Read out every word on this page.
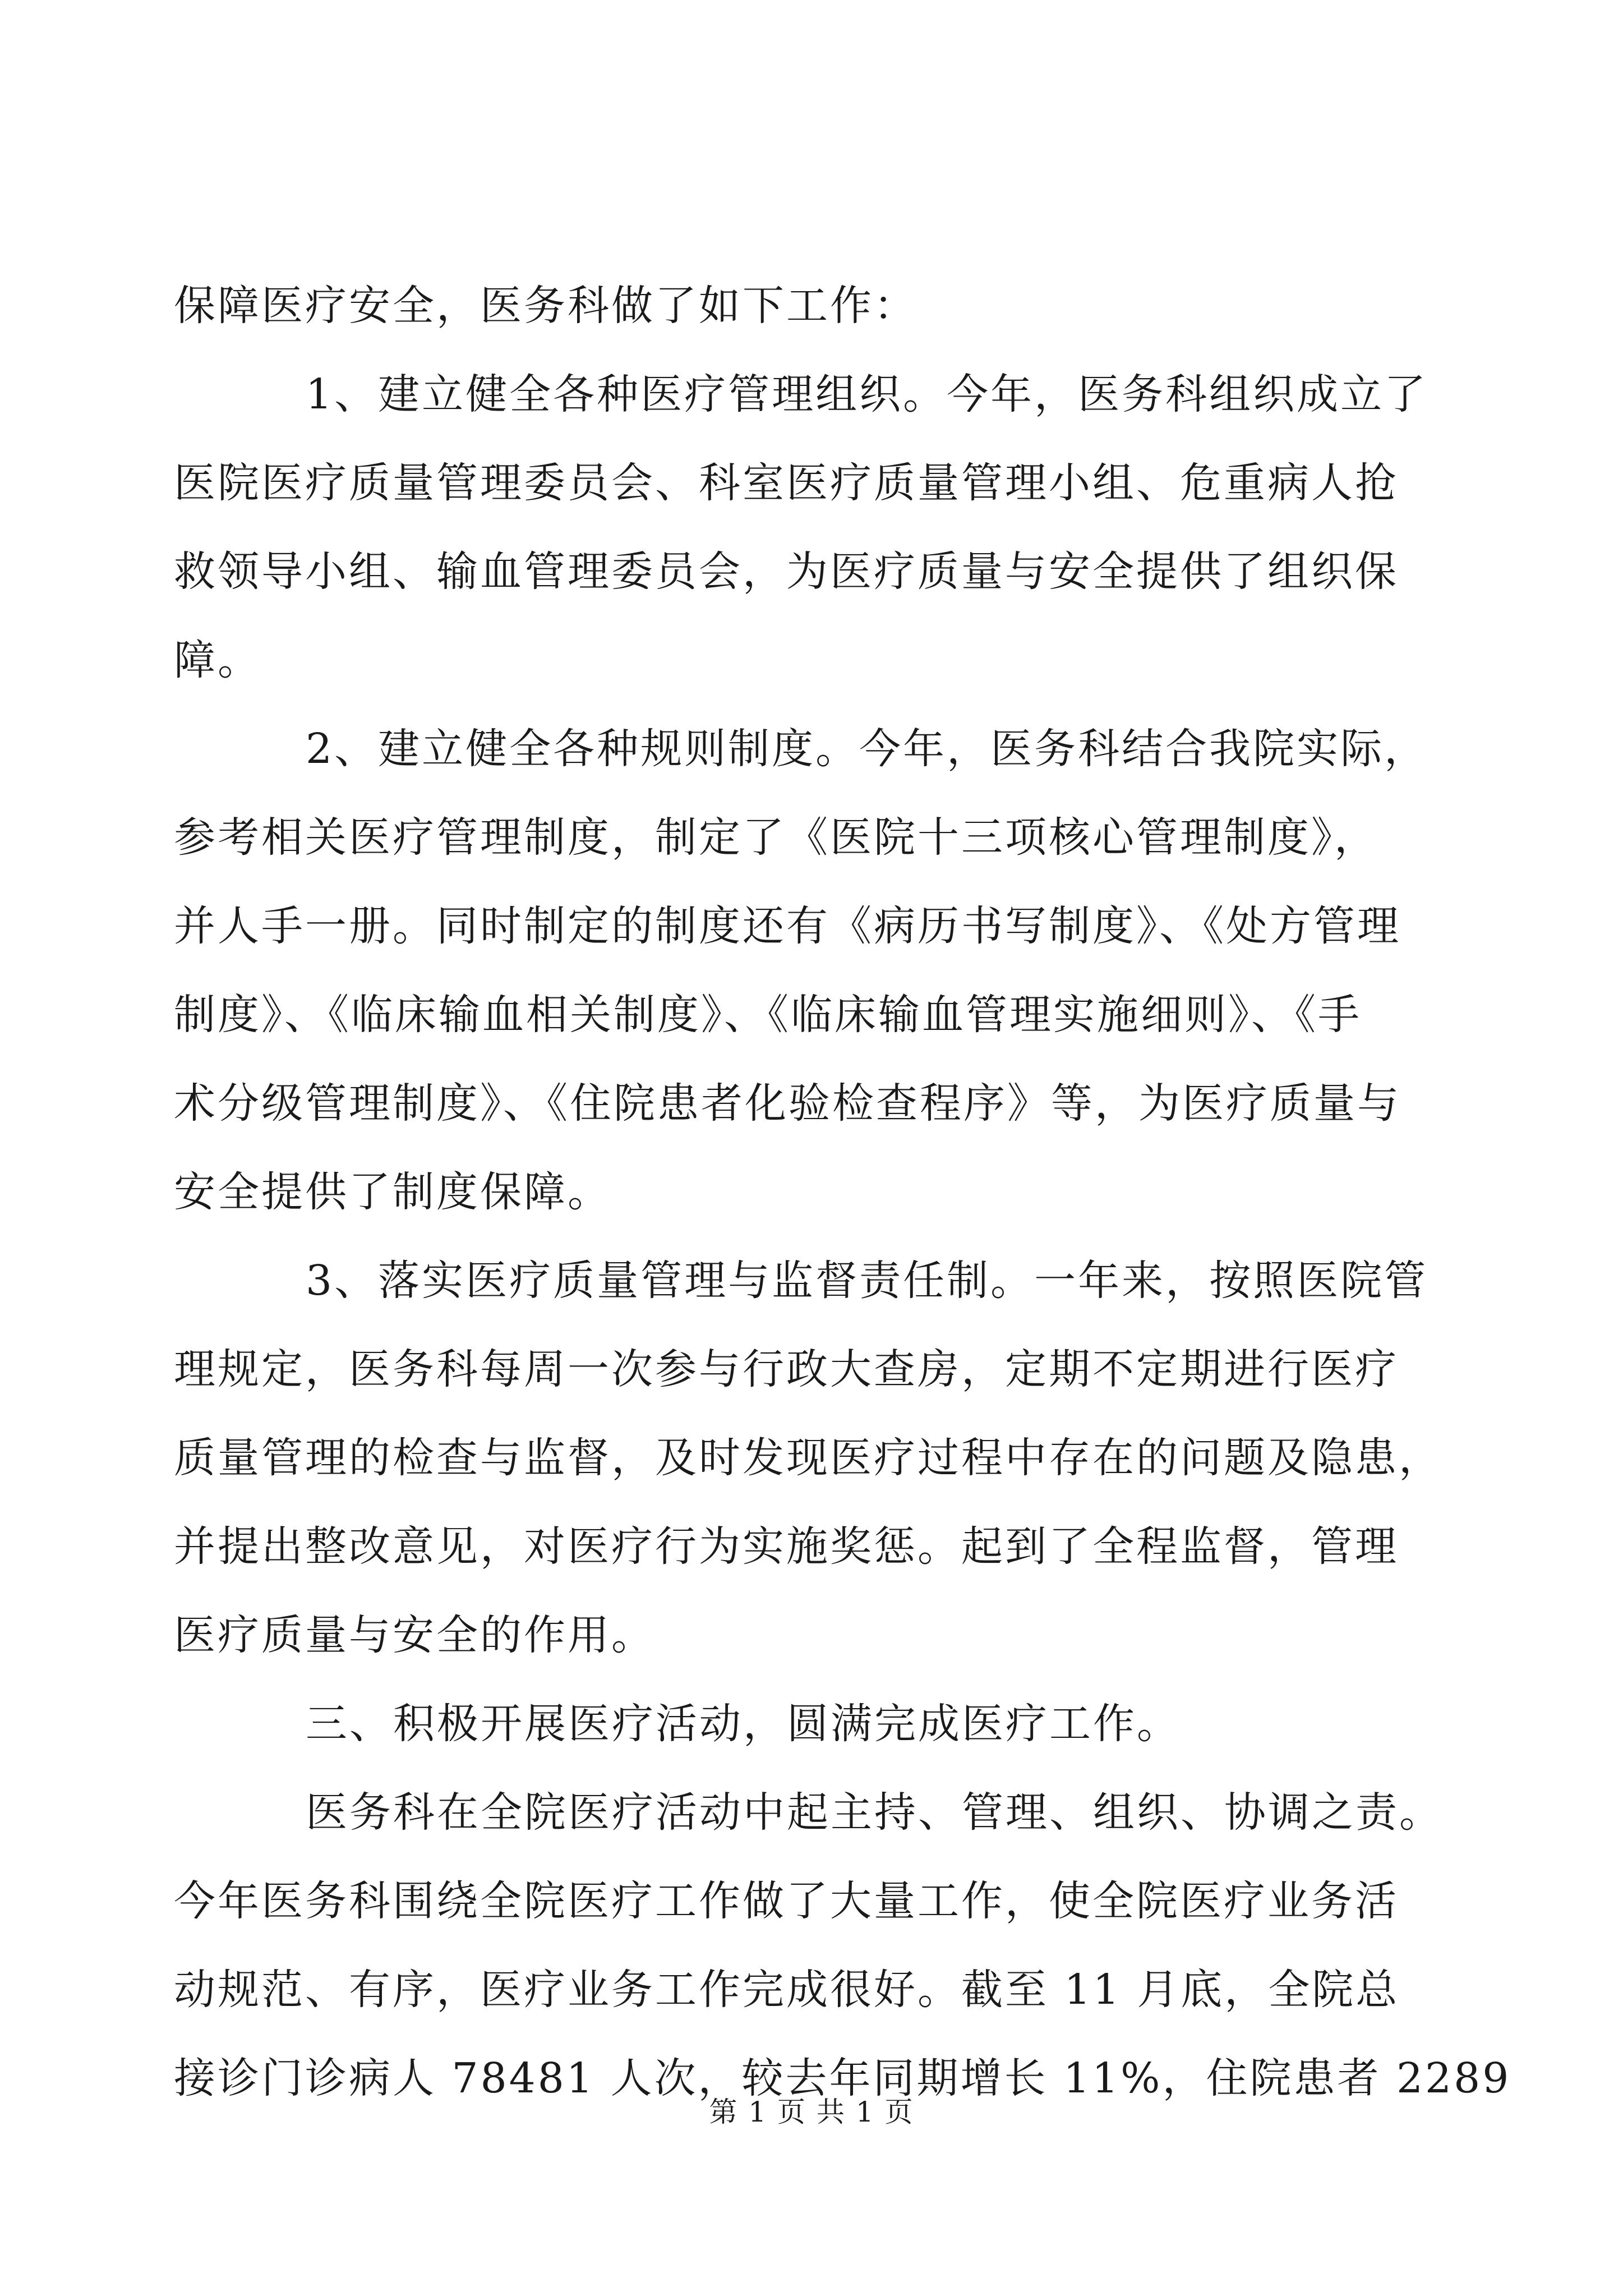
保障医疗安全，医务科做了如下工作：
1、建立健全各种医疗管理组织。今年，医务科组织成立了
医院医疗质量管理委员会、科室医疗质量管理小组、危重病人抢
救领导小组、输血管理委员会，为医疗质量与安全提供了组织保
障。
2、建立健全各种规则制度。今年，医务科结合我院实际，
参考相关医疗管理制度，制定了《医院十三项核心管理制度》，
并人手一册。同时制定的制度还有《病历书写制度》、《处方管理
制度》、《临床输血相关制度》、《临床输血管理实施细则》、《手
术分级管理制度》、《住院患者化验检查程序》等，为医疗质量与
安全提供了制度保障。
3、落实医疗质量管理与监督责任制。一年来，按照医院管
理规定，医务科每周一次参与行政大查房，定期不定期进行医疗
质量管理的检查与监督，及时发现医疗过程中存在的问题及隐患，
并提出整改意见，对医疗行为实施奖惩。起到了全程监督，管理
医疗质量与安全的作用。
三、积极开展医疗活动，圆满完成医疗工作。
医务科在全院医疗活动中起主持、管理、组织、协调之责。
今年医务科围绕全院医疗工作做了大量工作，使全院医疗业务活
动规范、有序，医疗业务工作完成很好。截至 11 月底，全院总
接诊门诊病人 78481 人次，较去年同期增长 11%，住院患者 2289
第 1 页 共 1 页
